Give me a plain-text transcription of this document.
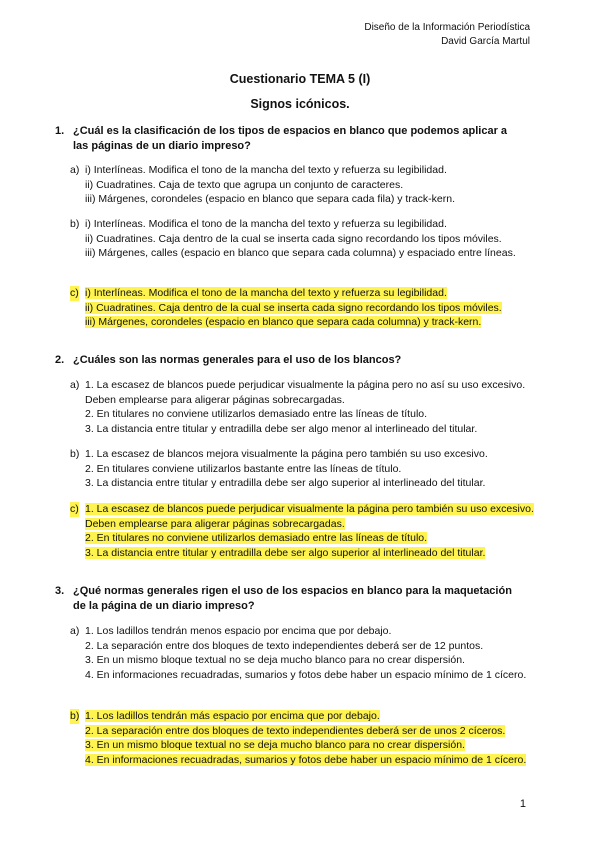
Diseño de la Información Periodística
David García Martul
Cuestionario TEMA 5 (I)
Signos icónicos.
1. ¿Cuál es la clasificación de los tipos de espacios en blanco que podemos aplicar a las páginas de un diario impreso?
a) i) Interlíneas. Modifica el tono de la mancha del texto y refuerza su legibilidad.
ii) Cuadratines. Caja de texto que agrupa un conjunto de caracteres.
iii) Márgenes, corondeles (espacio en blanco que separa cada fila) y track-kern.
b) i) Interlíneas. Modifica el tono de la mancha del texto y refuerza su legibilidad.
ii) Cuadratines. Caja dentro de la cual se inserta cada signo recordando los tipos móviles.
iii) Márgenes, calles (espacio en blanco que separa cada columna) y espaciado entre líneas.
c) i) Interlíneas. Modifica el tono de la mancha del texto y refuerza su legibilidad.
ii) Cuadratines. Caja dentro de la cual se inserta cada signo recordando los tipos móviles.
iii) Márgenes, corondeles (espacio en blanco que separa cada columna) y track-kern.
2. ¿Cuáles son las normas generales para el uso de los blancos?
a) 1. La escasez de blancos puede perjudicar visualmente la página pero no así su uso excesivo. Deben emplearse para aligerar páginas sobrecargadas.
2. En titulares no conviene utilizarlos demasiado entre las líneas de título.
3. La distancia entre titular y entradilla debe ser algo menor al interlineado del titular.
b) 1. La escasez de blancos mejora visualmente la página pero también su uso excesivo.
2. En titulares conviene utilizarlos bastante entre las líneas de título.
3. La distancia entre titular y entradilla debe ser algo superior al interlineado del titular.
c) 1. La escasez de blancos puede perjudicar visualmente la página pero también su uso excesivo. Deben emplearse para aligerar páginas sobrecargadas.
2. En titulares no conviene utilizarlos demasiado entre las líneas de título.
3. La distancia entre titular y entradilla debe ser algo superior al interlineado del titular.
3. ¿Qué normas generales rigen el uso de los espacios en blanco para la maquetación de la página de un diario impreso?
a) 1. Los ladillos tendrán menos espacio por encima que por debajo.
2. La separación entre dos bloques de texto independientes deberá ser de 12 puntos.
3. En un mismo bloque textual no se deja mucho blanco para no crear dispersión.
4. En informaciones recuadradas, sumarios y fotos debe haber un espacio mínimo de 1 cícero.
b) 1. Los ladillos tendrán más espacio por encima que por debajo.
2. La separación entre dos bloques de texto independientes deberá ser de unos 2 cíceros.
3. En un mismo bloque textual no se deja mucho blanco para no crear dispersión.
4. En informaciones recuadradas, sumarios y fotos debe haber un espacio mínimo de 1 cícero.
1
